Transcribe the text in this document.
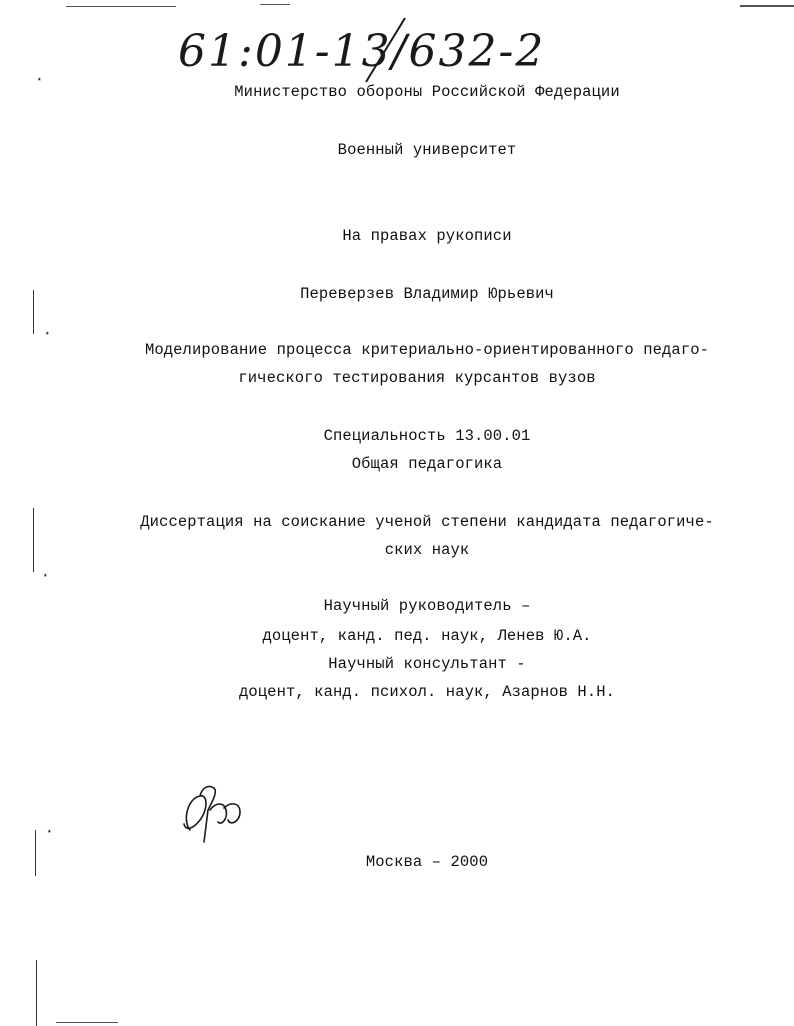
61:01-13/632-2
⋆
⋆
⋆
⋆
Министерство обороны Российской Федерации
Военный университет
На правах рукописи
Переверзев Владимир Юрьевич
Моделирование процесса критериально-ориентированного педаго-
гического тестирования курсантов вузов
Специальность 13.00.01
Общая педагогика
Диссертация на соискание ученой степени кандидата педагогиче-
ских наук
Научный руководитель –
доцент, канд. пед. наук, Ленев Ю.А.
Научный консультант -
доцент, канд. психол. наук, Азарнов Н.Н.
Москва – 2000
